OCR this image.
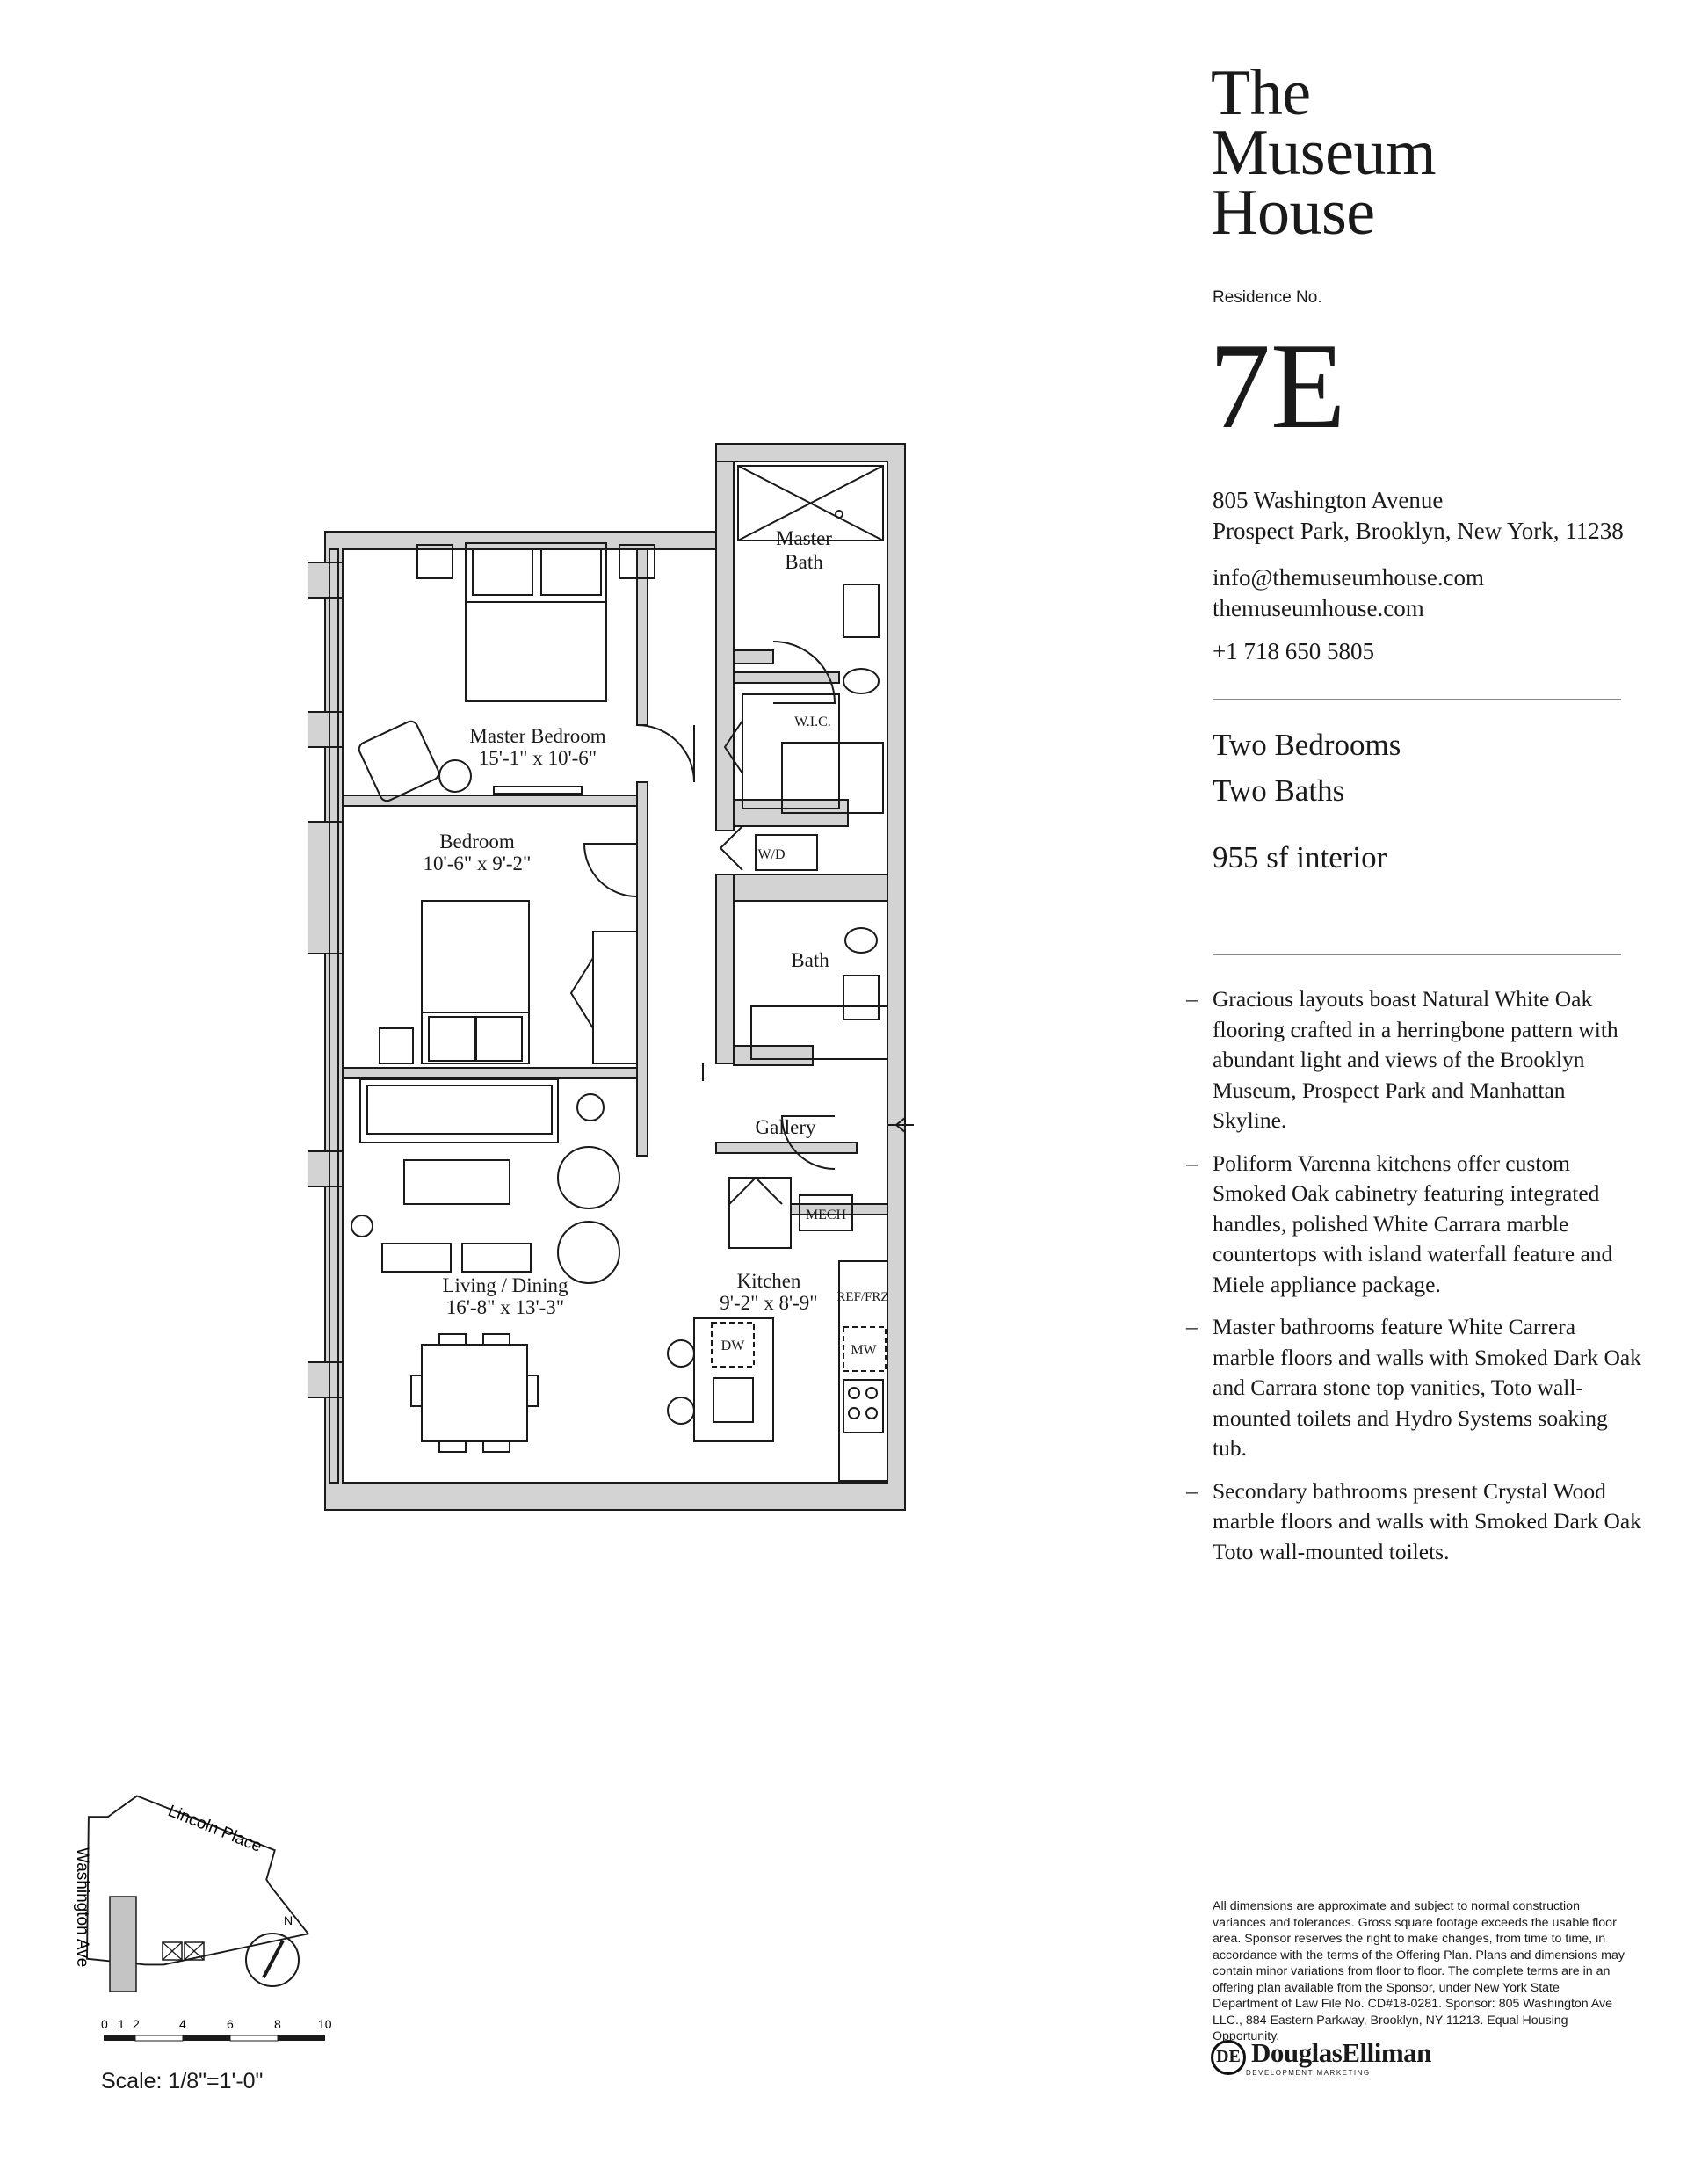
The
Museum
House
Residence No.
7E
805 Washington Avenue
Prospect Park, Brooklyn, New York, 11238
info@themuseumhouse.com
themuseumhouse.com
+1 718 650 5805
Two Bedrooms
Two Baths
955 sf interior
– Gracious layouts boast Natural White Oak flooring crafted in a herringbone pattern with abundant light and views of the Brooklyn Museum, Prospect Park and Manhattan Skyline.
– Poliform Varenna kitchens offer custom Smoked Oak cabinetry featuring integrated handles, polished White Carrara marble countertops with island waterfall feature and Miele appliance package.
– Master bathrooms feature White Carrera marble floors and walls with Smoked Dark Oak and Carrara stone top vanities, Toto wall-mounted toilets and Hydro Systems soaking tub.
– Secondary bathrooms present Crystal Wood marble floors and walls with Smoked Dark Oak Toto wall-mounted toilets.
All dimensions are approximate and subject to normal construction variances and tolerances. Gross square footage exceeds the usable floor area. Sponsor reserves the right to make changes, from time to time, in accordance with the terms of the Offering Plan. Plans and dimensions may contain minor variations from floor to floor. The complete terms are in an offering plan available from the Sponsor, under New York State Department of Law File No. CD#18-0281. Sponsor: 805 Washington Ave LLC., 884 Eastern Parkway, Brooklyn, NY 11213. Equal Housing Opportunity.
DE DouglasElliman
DEVELOPMENT MARKETING
Master Bedroom
15'-1" x 10'-6"
Bedroom
10'-6" x 9'-2"
Living / Dining
16'-8" x 13'-3"
Kitchen
9'-2" x 8'-9"
Master
Bath
Bath
Gallery
W.I.C.
W/D
MECH
REF/FRZ
DW	MW
Lincoln Place
Washington Ave	N
0 1 2	4	6	8	10
Scale: 1/8"=1'-0"
